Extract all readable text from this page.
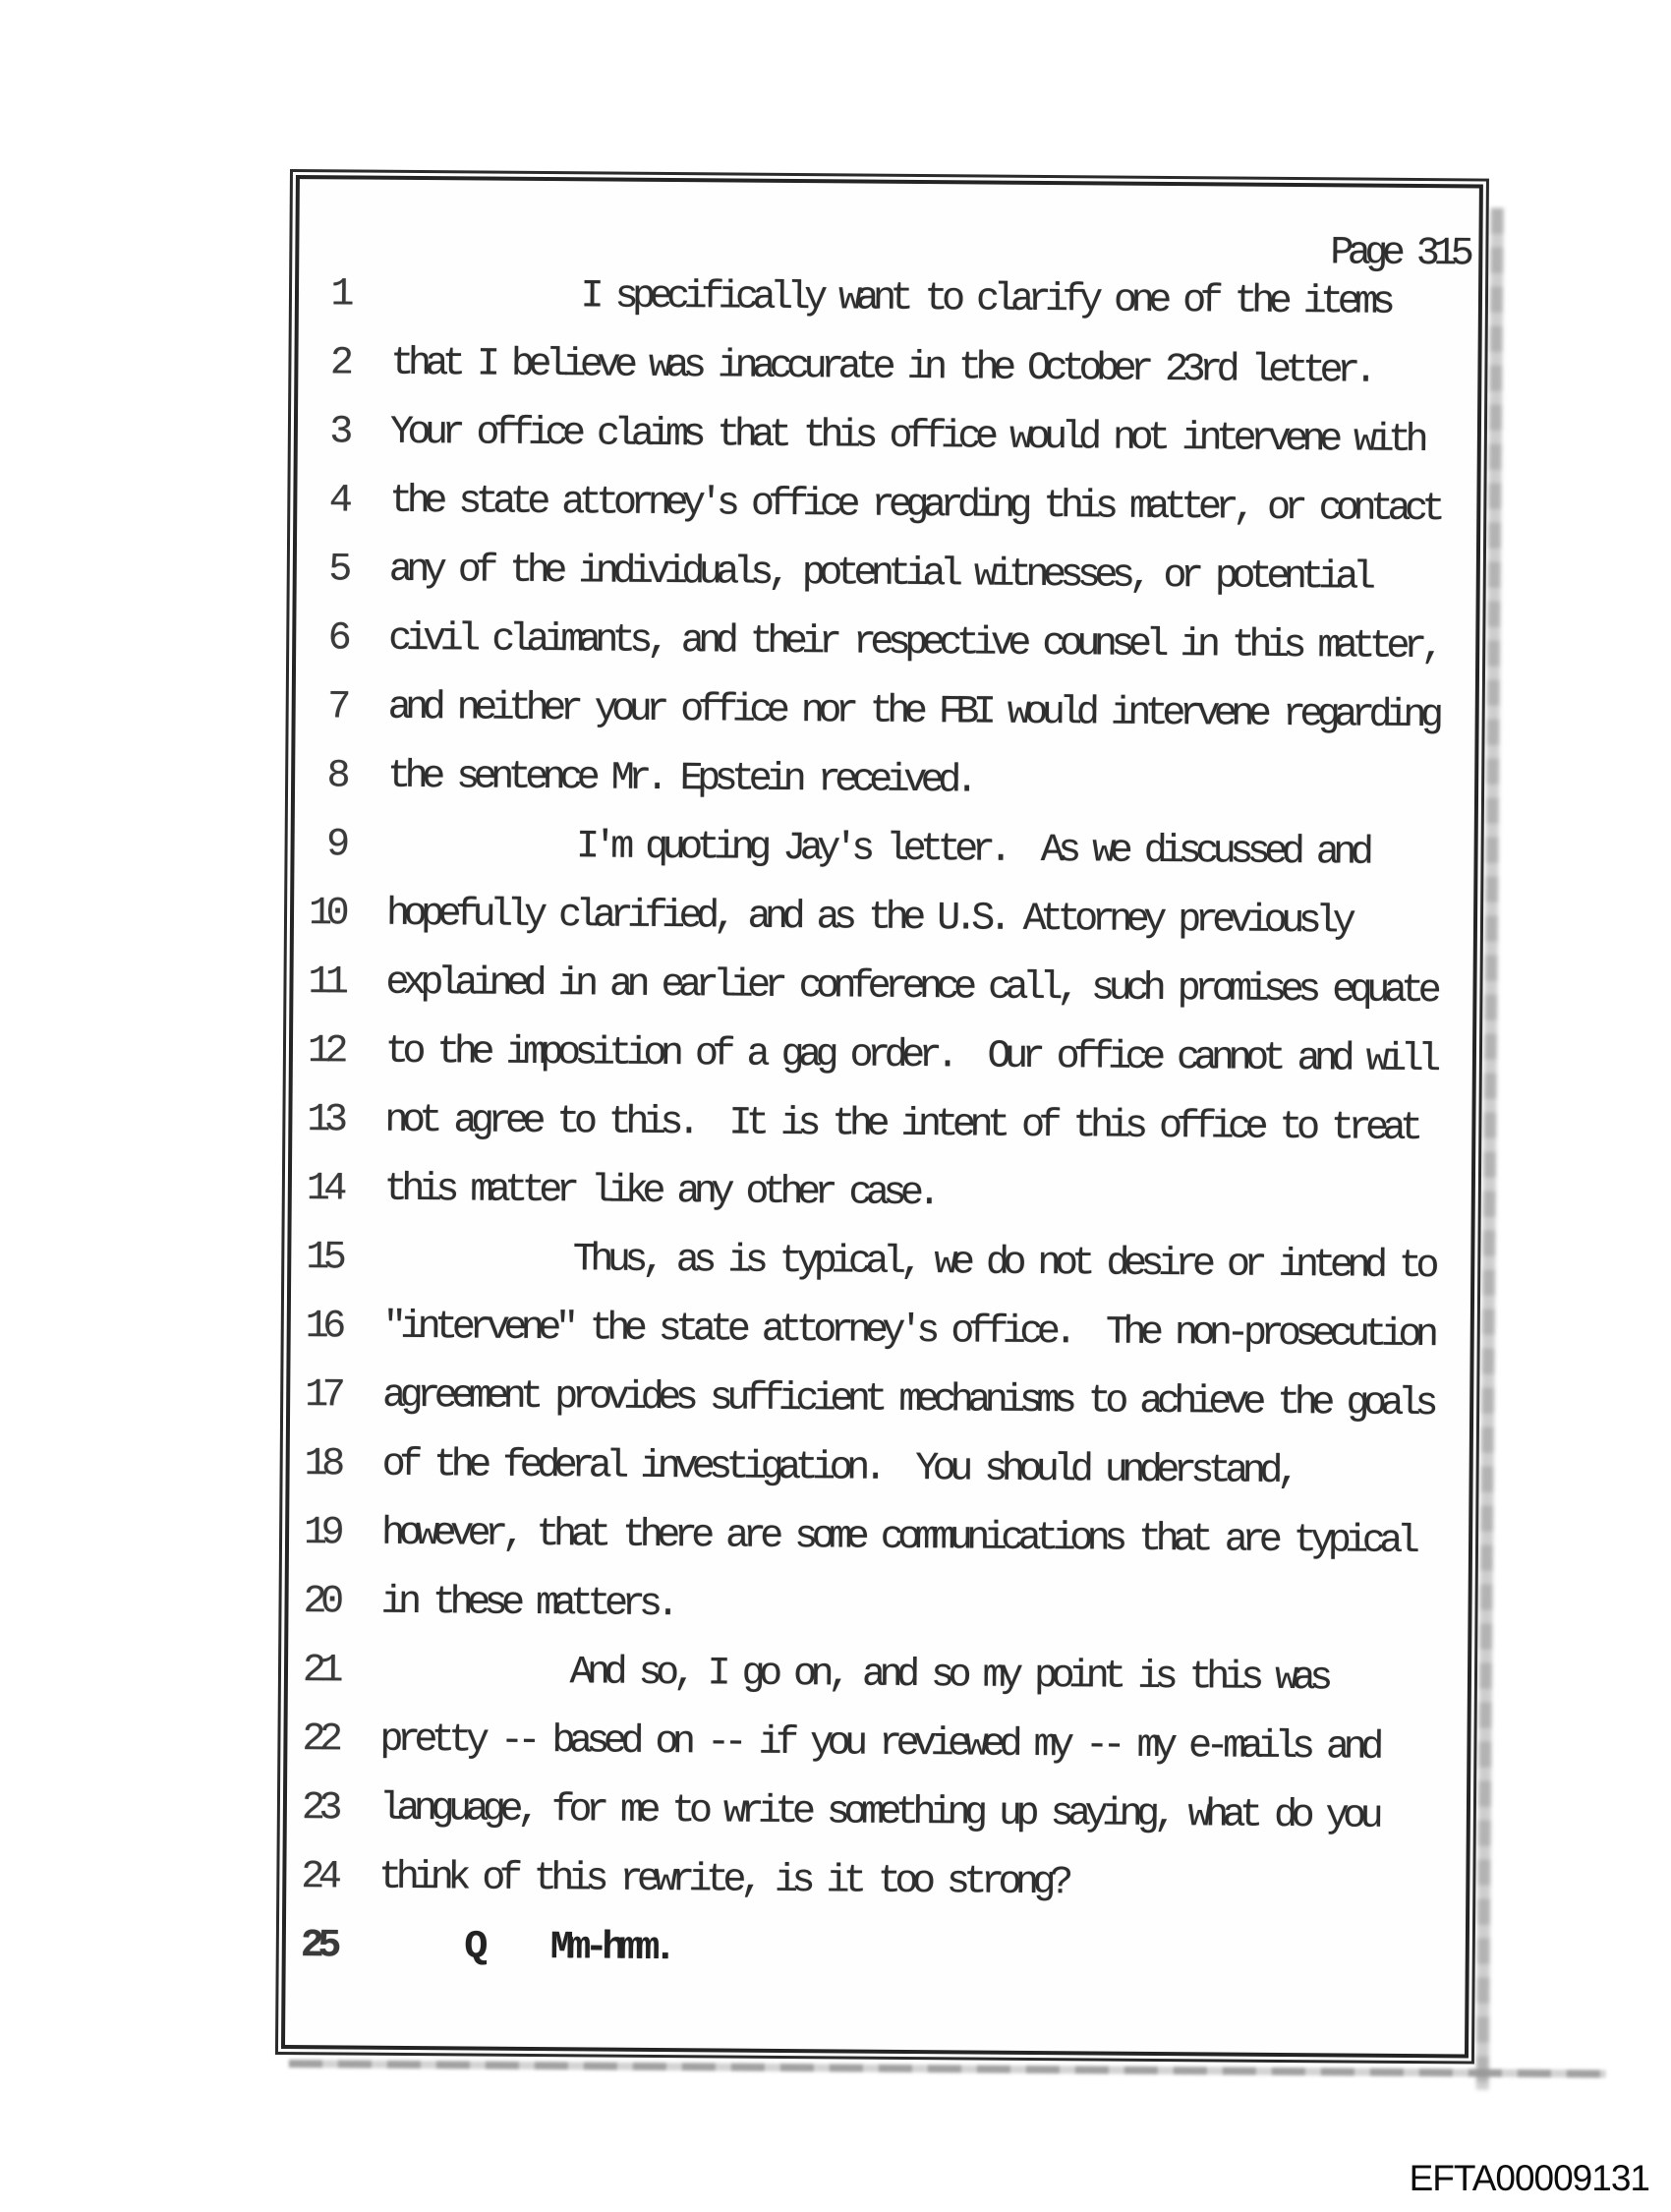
Page 315
1 I specifically want to clarify one of the items
2 that I believe was inaccurate in the October 23rd letter.
3 Your office claims that this office would not intervene with
4 the state attorney's office regarding this matter, or contact
5 any of the individuals, potential witnesses, or potential
6 civil claimants, and their respective counsel in this matter,
7 and neither your office nor the FBI would intervene regarding
8 the sentence Mr. Epstein received.
9 I'm quoting Jay's letter.  As we discussed and
10 hopefully clarified, and as the U.S. Attorney previously
11 explained in an earlier conference call, such promises equate
12 to the imposition of a gag order.  Our office cannot and will
13 not agree to this.  It is the intent of this office to treat
14 this matter like any other case.
15 Thus, as is typical, we do not desire or intend to
16 "intervene" the state attorney's office.  The non-prosecution
17 agreement provides sufficient mechanisms to achieve the goals
18 of the federal investigation.  You should understand,
19 however, that there are some communications that are typical
20 in these matters.
21 And so, I go on, and so my point is this was
22 pretty -- based on -- if you reviewed my -- my e-mails and
23 language, for me to write something up saying, what do you
24 think of this rewrite, is it too strong?
25 Q    Mm-hmm.
EFTA00009131
